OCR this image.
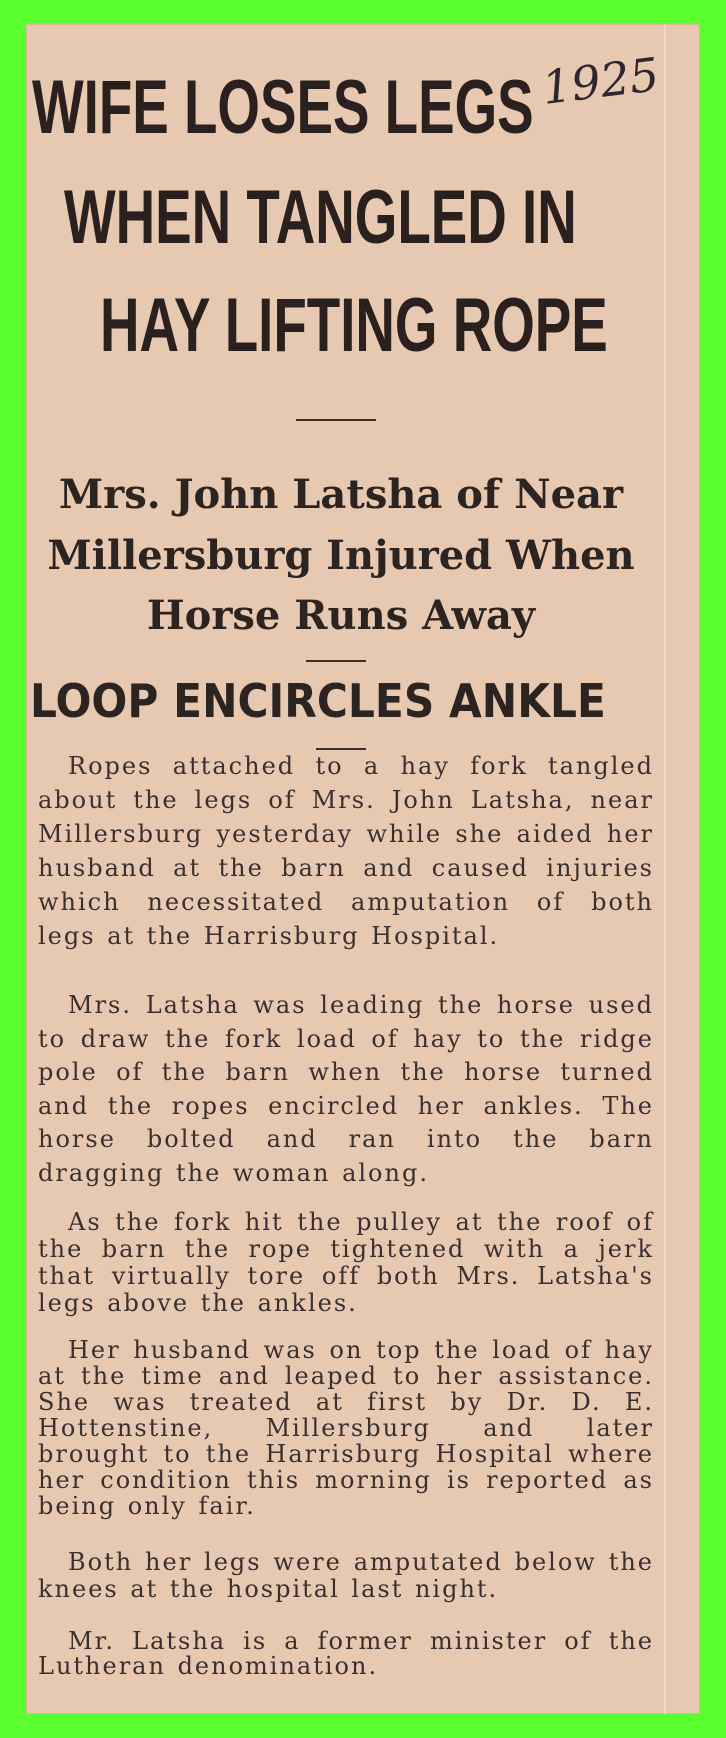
1925
WIFE LOSES LEGS
WHEN TANGLED IN
HAY LIFTING ROPE
Mrs. John Latsha of Near
Millersburg Injured When
Horse Runs Away
LOOP ENCIRCLES ANKLE

Ropes attached to a hay fork tangled about the legs of Mrs. John Latsha, near Millersburg yesterday while she aided her husband at the barn and caused injuries which necessitated amputation of both legs at the Harrisburg Hospital.

Mrs. Latsha was leading the horse used to draw the fork load of hay to the ridge pole of the barn when the horse turned and the ropes encircled her ankles. The horse bolted and ran into the barn dragging the woman along.

As the fork hit the pulley at the roof of the barn the rope tightened with a jerk that virtually tore off both Mrs. Latsha's legs above the ankles.

Her husband was on top the load of hay at the time and leaped to her assistance. She was treated at first by Dr. D. E. Hottenstine, Millersburg and later brought to the Harrisburg Hospital where her condition this morning is reported as being only fair.

Both her legs were amputated below the knees at the hospital last night.

Mr. Latsha is a former minister of the Lutheran denomination.
